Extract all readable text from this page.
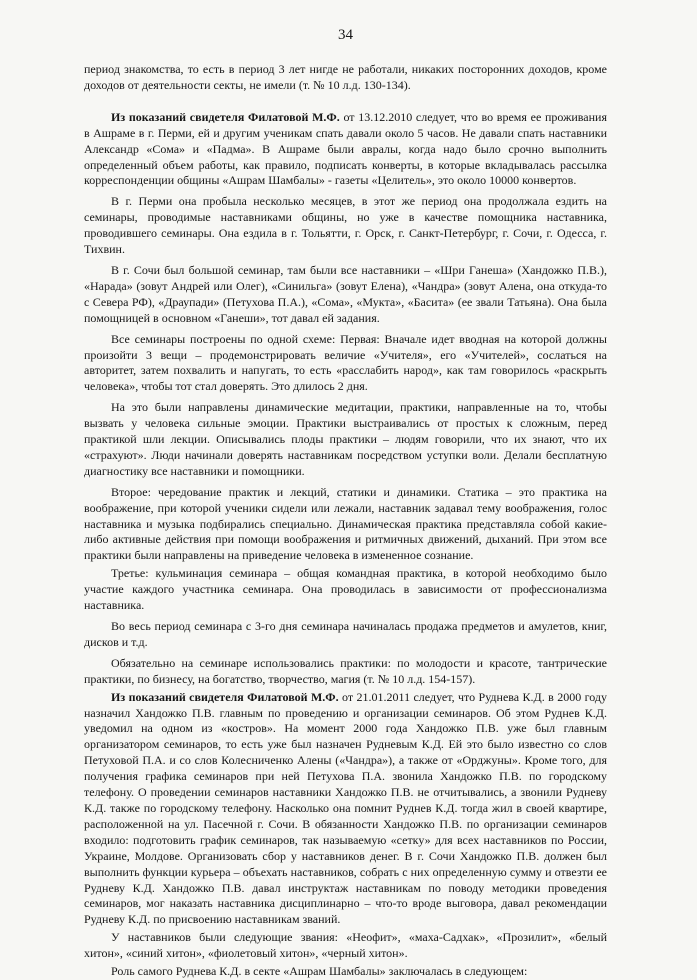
34

период знакомства, то есть в период 3 лет нигде не работали, никаких посторонних доходов, кроме доходов от деятельности секты, не имели (т. № 10 л.д. 130-134).

Из показаний свидетеля Филатовой М.Ф. от 13.12.2010 следует, что во время ее проживания в Ашраме в г. Перми, ей и другим ученикам спать давали около 5 часов. Не давали спать наставники Александр «Сома» и «Падма». В Ашраме были авралы, когда надо было срочно выполнить определенный объем работы, как правило, подписать конверты, в которые вкладывалась рассылка корреспонденции общины «Ашрам Шамбалы» - газеты «Целитель», это около 10000 конвертов.

В г. Перми она пробыла несколько месяцев, в этот же период она продолжала ездить на семинары, проводимые наставниками общины, но уже в качестве помощника наставника, проводившего семинары. Она ездила в г. Тольятти, г. Орск, г. Санкт-Петербург, г. Сочи, г. Одесса, г. Тихвин.

В г. Сочи был большой семинар, там были все наставники – «Шри Ганеша» (Хандожко П.В.), «Нарада» (зовут Андрей или Олег), «Синильга» (зовут Елена), «Чандра» (зовут Алена, она откуда-то с Севера РФ), «Драупади» (Петухова П.А.), «Сома», «Мукта», «Басита» (ее звали Татьяна). Она была помощницей в основном «Ганеши», тот давал ей задания.

Все семинары построены по одной схеме: Первая: Вначале идет вводная на которой должны произойти 3 вещи – продемонстрировать величие «Учителя», его «Учителей», сослаться на авторитет, затем похвалить и напугать, то есть «расслабить народ», как там говорилось «раскрыть человека», чтобы тот стал доверять. Это длилось 2 дня.

На это были направлены динамические медитации, практики, направленные на то, чтобы вызвать у человека сильные эмоции. Практики выстраивались от простых к сложным, перед практикой шли лекции. Описывались плоды практики – людям говорили, что их знают, что их «страхуют». Люди начинали доверять наставникам посредством уступки воли. Делали бесплатную диагностику все наставники и помощники.

Второе: чередование практик и лекций, статики и динамики. Статика – это практика на воображение, при которой ученики сидели или лежали, наставник задавал тему воображения, голос наставника и музыка подбирались специально. Динамическая практика представляла собой какие-либо активные действия при помощи воображения и ритмичных движений, дыханий. При этом все практики были направлены на приведение человека в измененное сознание.

Третье: кульминация семинара – общая командная практика, в которой необходимо было участие каждого участника семинара. Она проводилась в зависимости от профессионализма наставника.

Во весь период семинара с 3-го дня семинара начиналась продажа предметов и амулетов, книг, дисков и т.д.

Обязательно на семинаре использовались практики: по молодости и красоте, тантрические практики, по бизнесу, на богатство, творчество, магия (т. № 10 л.д. 154-157).

Из показаний свидетеля Филатовой М.Ф. от 21.01.2011 следует, что Руднева К.Д. в 2000 году назначил Хандожко П.В. главным по проведению и организации семинаров. Об этом Руднев К.Д. уведомил на одном из «костров». На момент 2000 года Хандожко П.В. уже был главным организатором семинаров, то есть уже был назначен Рудневым К.Д. Ей это было известно со слов Петуховой П.А. и со слов Колесниченко Алены («Чандра»), а также от «Орджуны». Кроме того, для получения графика семинаров при ней Петухова П.А. звонила Хандожко П.В. по городскому телефону. О проведении семинаров наставники Хандожко П.В. не отчитывались, а звонили Рудневу К.Д. также по городскому телефону. Насколько она помнит Руднев К.Д. тогда жил в своей квартире, расположенной на ул. Пасечной г. Сочи. В обязанности Хандожко П.В. по организации семинаров входило: подготовить график семинаров, так называемую «сетку» для всех наставников по России, Украине, Молдове. Организовать сбор у наставников денег. В г. Сочи Хандожко П.В. должен был выполнить функции курьера – объехать наставников, собрать с них определенную сумму и отвезти ее Рудневу К.Д. Хандожко П.В. давал инструктаж наставникам по поводу методики проведения семинаров, мог наказать наставника дисциплинарно – что-то вроде выговора, давал рекомендации Рудневу К.Д. по присвоению наставникам званий.

У наставников были следующие звания: «Неофит», «маха-Садхак», «Прозилит», «белый хитон», «синий хитон», «фиолетовый хитон», «черный хитон».

Роль самого Руднева К.Д. в секте «Ашрам Шамбалы» заключалась в следующем:
